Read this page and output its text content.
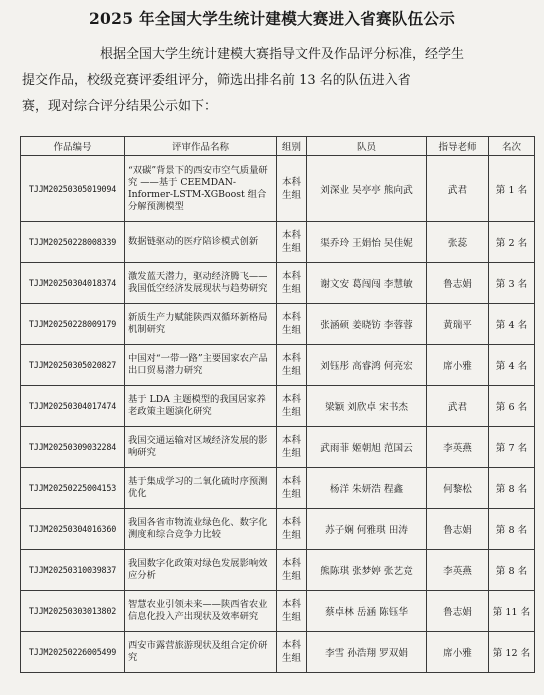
2025 年全国大学生统计建模大赛进入省赛队伍公示
根据全国大学生统计建模大赛指导文件及作品评分标准，经学生
提交作品，校级竞赛评委组评分，筛选出排名前 13 名的队伍进入省
赛，现对综合评分结果公示如下：
作品编号	评审作品名称	组别	队员	指导老师	名次
TJJM20250305019094	“双碳”背景下的西安市空气质量研究 ——基于 CEEMDAN-Informer-LSTM-XGBoost 组合分解预测模型	本科生组	刘深业 吴亭亭 熊向武	武君	第 1 名
TJJM20250228008339	数据链驱动的医疗陪诊模式创新	本科生组	渠乔玲 王娟怡 吴佳妮	张蕊	第 2 名
TJJM20250304018374	激发蓝天潜力，驱动经济腾飞——我国低空经济发展现状与趋势研究	本科生组	谢文安 葛闯闯 李慧敏	鲁志娟	第 3 名
TJJM20250228009179	新质生产力赋能陕西双循环新格局机制研究	本科生组	张涵硕 姜晓钫 李蓉蓉	黄瑞平	第 4 名
TJJM20250305020827	中国对“一带一路”主要国家农产品出口贸易潜力研究	本科生组	刘钰彤 高睿鸿 何亮宏	席小雅	第 4 名
TJJM20250304017474	基于 LDA 主题模型的我国居家养老政策主题演化研究	本科生组	梁颖 刘欣卓 宋书杰	武君	第 6 名
TJJM20250309032284	我国交通运输对区域经济发展的影响研究	本科生组	武雨菲 姬朝旭 范国云	李英燕	第 7 名
TJJM20250225004153	基于集成学习的二氧化硫时序预测优化	本科生组	杨洋 朱妍浩 程鑫	何黎松	第 8 名
TJJM20250304016360	我国各省市物流业绿色化、数字化测度和综合竞争力比较	本科生组	苏子娴 何雅琪 田涛	鲁志娟	第 8 名
TJJM20250310039837	我国数字化政策对绿色发展影响效应分析	本科生组	熊陈琪 张梦婷 张艺竞	李英燕	第 8 名
TJJM20250303013802	智慧农业引领未来——陕西省农业信息化投入产出现状及效率研究	本科生组	蔡卓林 岳涵 陈钰华	鲁志娟	第 11 名
TJJM20250226005499	西安市露营旅游现状及组合定价研究	本科生组	李雪 孙浩翔 罗双娟	席小雅	第 12 名
